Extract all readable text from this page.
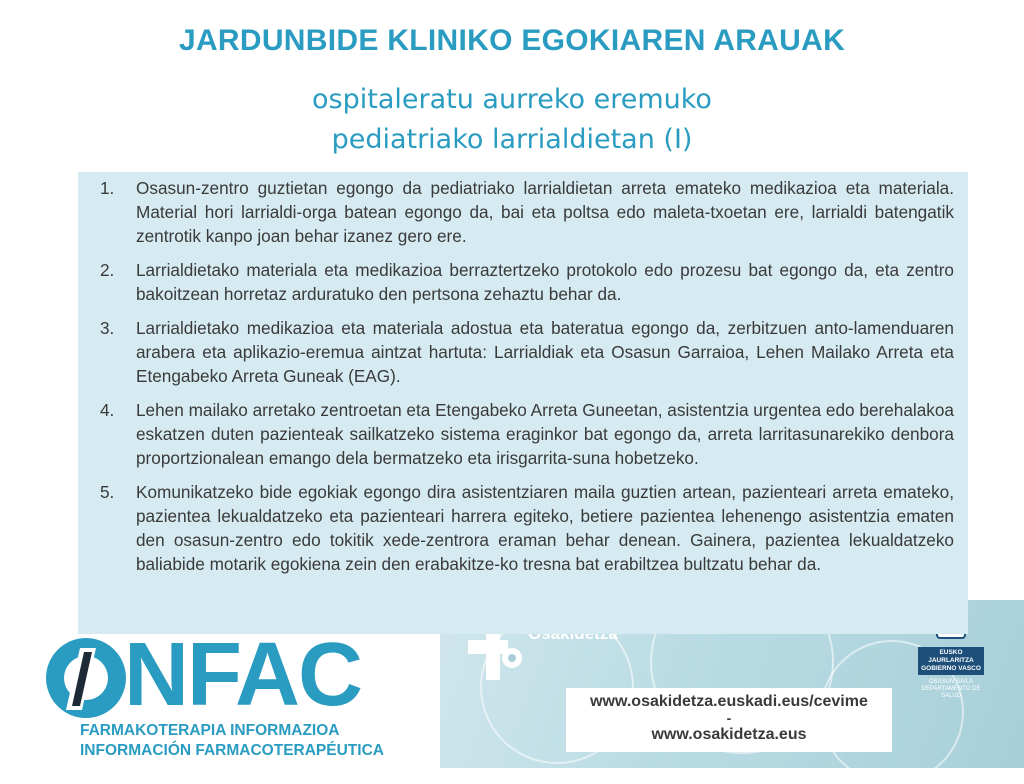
JARDUNBIDE KLINIKO EGOKIAREN ARAUAK
ospitaleratu aurreko eremuko
pediatriako larrialdietan (I)
EUSKO JAURLARITZA
GOBIERNO VASCO
OSASUN SAILA
DEPARTAMENTO DE SALUD
www.osakidetza.euskadi.eus/cevime
-
www.osakidetza.eus
1.	Osasun-zentro guztietan egongo da pediatriako larrialdietan arreta emateko medikazioa eta materiala. Material hori larrialdi-orga batean egongo da, bai eta poltsa edo maleta-txoetan ere, larrialdi batengatik zentrotik kanpo joan behar izanez gero ere.
2.	Larrialdietako materiala eta medikazioa berraztertzeko protokolo edo prozesu bat egongo da, eta zentro bakoitzean horretaz arduratuko den pertsona zehaztu behar da.
3.	Larrialdietako medikazioa eta materiala adostua eta bateratua egongo da, zerbitzuen anto-lamenduaren arabera eta aplikazio-eremua aintzat hartuta: Larrialdiak eta Osasun Garraioa, Lehen Mailako Arreta eta Etengabeko Arreta Guneak (EAG).
4.	Lehen mailako arretako zentroetan eta Etengabeko Arreta Guneetan, asistentzia urgentea edo berehalakoa eskatzen duten pazienteak sailkatzeko sistema eraginkor bat egongo da, arreta larritasunarekiko denbora proportzionalean emango dela bermatzeko eta irisgarrita-suna hobetzeko.
5.	Komunikatzeko bide egokiak egongo dira asistentziaren maila guztien artean, pazienteari arreta emateko, pazientea lekualdatzeko eta pazienteari harrera egiteko, betiere pazientea lehenengo asistentzia ematen den osasun-zentro edo tokitik xede-zentrora eraman behar denean. Gainera, pazientea lekualdatzeko baliabide motarik egokiena zein den erabakitze-ko tresna bat erabiltzea bultzatu behar da.
NFAC
FARMAKOTERAPIA INFORMAZIOA
INFORMACIÓN FARMACOTERAPÉUTICA
